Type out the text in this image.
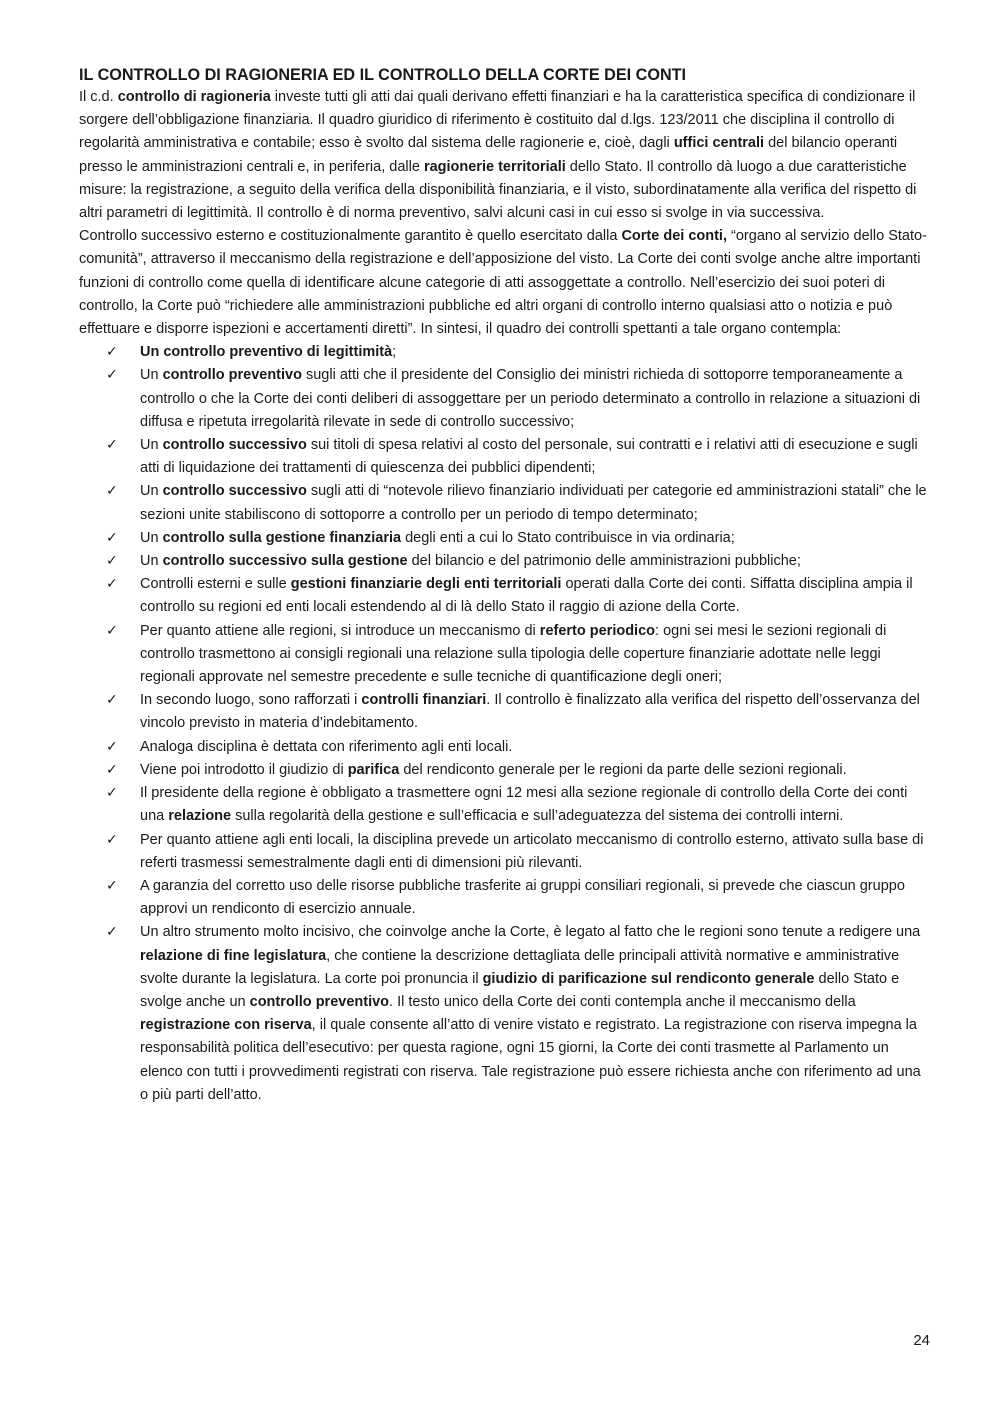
IL CONTROLLO DI RAGIONERIA ED IL CONTROLLO DELLA CORTE DEI CONTI

Il c.d. controllo di ragioneria investe tutti gli atti dai quali derivano effetti finanziari e ha la caratteristica specifica di condizionare il sorgere dell’obbligazione finanziaria. Il quadro giuridico di riferimento è costituito dal d.lgs. 123/2011 che disciplina il controllo di regolarità amministrativa e contabile; esso è svolto dal sistema delle ragionerie e, cioè, dagli uffici centrali del bilancio operanti presso le amministrazioni centrali e, in periferia, dalle ragionerie territoriali dello Stato. Il controllo dà luogo a due caratteristiche misure: la registrazione, a seguito della verifica della disponibilità finanziaria, e il visto, subordinatamente alla verifica del rispetto di altri parametri di legittimità. Il controllo è di norma preventivo, salvi alcuni casi in cui esso si svolge in via successiva.

Controllo successivo esterno e costituzionalmente garantito è quello esercitato dalla Corte dei conti, “organo al servizio dello Stato- comunità”, attraverso il meccanismo della registrazione e dell’apposizione del visto. La Corte dei conti svolge anche altre importanti funzioni di controllo come quella di identificare alcune categorie di atti assoggettate a controllo. Nell’esercizio dei suoi poteri di controllo, la Corte può “richiedere alle amministrazioni pubbliche ed altri organi di controllo interno qualsiasi atto o notizia e può effettuare e disporre ispezioni e accertamenti diretti”. In sintesi, il quadro dei controlli spettanti a tale organo contempla:

✓ Un controllo preventivo di legittimità;
✓ Un controllo preventivo sugli atti che il presidente del Consiglio dei ministri richieda di sottoporre temporaneamente a controllo o che la Corte dei conti deliberi di assoggettare per un periodo determinato a controllo in relazione a situazioni di diffusa e ripetuta irregolarità rilevate in sede di controllo successivo;
✓ Un controllo successivo sui titoli di spesa relativi al costo del personale, sui contratti e i relativi atti di esecuzione e sugli atti di liquidazione dei trattamenti di quiescenza dei pubblici dipendenti;
✓ Un controllo successivo sugli atti di “notevole rilievo finanziario individuati per categorie ed amministrazioni statali” che le sezioni unite stabiliscono di sottoporre a controllo per un periodo di tempo determinato;
✓ Un controllo sulla gestione finanziaria degli enti a cui lo Stato contribuisce in via ordinaria;
✓ Un controllo successivo sulla gestione del bilancio e del patrimonio delle amministrazioni pubbliche;
✓ Controlli esterni e sulle gestioni finanziarie degli enti territoriali operati dalla Corte dei conti. Siffatta disciplina ampia il controllo su regioni ed enti locali estendendo al di là dello Stato il raggio di azione della Corte.
✓ Per quanto attiene alle regioni, si introduce un meccanismo di referto periodico: ogni sei mesi le sezioni regionali di controllo trasmettono ai consigli regionali una relazione sulla tipologia delle coperture finanziarie adottate nelle leggi regionali approvate nel semestre precedente e sulle tecniche di quantificazione degli oneri;
✓ In secondo luogo, sono rafforzati i controlli finanziari. Il controllo è finalizzato alla verifica del rispetto dell’osservanza del vincolo previsto in materia d’indebitamento.
✓ Analoga disciplina è dettata con riferimento agli enti locali.
✓ Viene poi introdotto il giudizio di parifica del rendiconto generale per le regioni da parte delle sezioni regionali.
✓ Il presidente della regione è obbligato a trasmettere ogni 12 mesi alla sezione regionale di controllo della Corte dei conti una relazione sulla regolarità della gestione e sull’efficacia e sull’adeguatezza del sistema dei controlli interni.
✓ Per quanto attiene agli enti locali, la disciplina prevede un articolato meccanismo di controllo esterno, attivato sulla base di referti trasmessi semestralmente dagli enti di dimensioni più rilevanti.
✓ A garanzia del corretto uso delle risorse pubbliche trasferite ai gruppi consiliari regionali, si prevede che ciascun gruppo approvi un rendiconto di esercizio annuale.
✓ Un altro strumento molto incisivo, che coinvolge anche la Corte, è legato al fatto che le regioni sono tenute a redigere una relazione di fine legislatura, che contiene la descrizione dettagliata delle principali attività normative e amministrative svolte durante la legislatura. La corte poi pronuncia il giudizio di parificazione sul rendiconto generale dello Stato e svolge anche un controllo preventivo. Il testo unico della Corte dei conti contempla anche il meccanismo della registrazione con riserva, il quale consente all’atto di venire vistato e registrato. La registrazione con riserva impegna la responsabilità politica dell’esecutivo: per questa ragione, ogni 15 giorni, la Corte dei conti trasmette al Parlamento un elenco con tutti i provvedimenti registrati con riserva. Tale registrazione può essere richiesta anche con riferimento ad una o più parti dell’atto.
24
